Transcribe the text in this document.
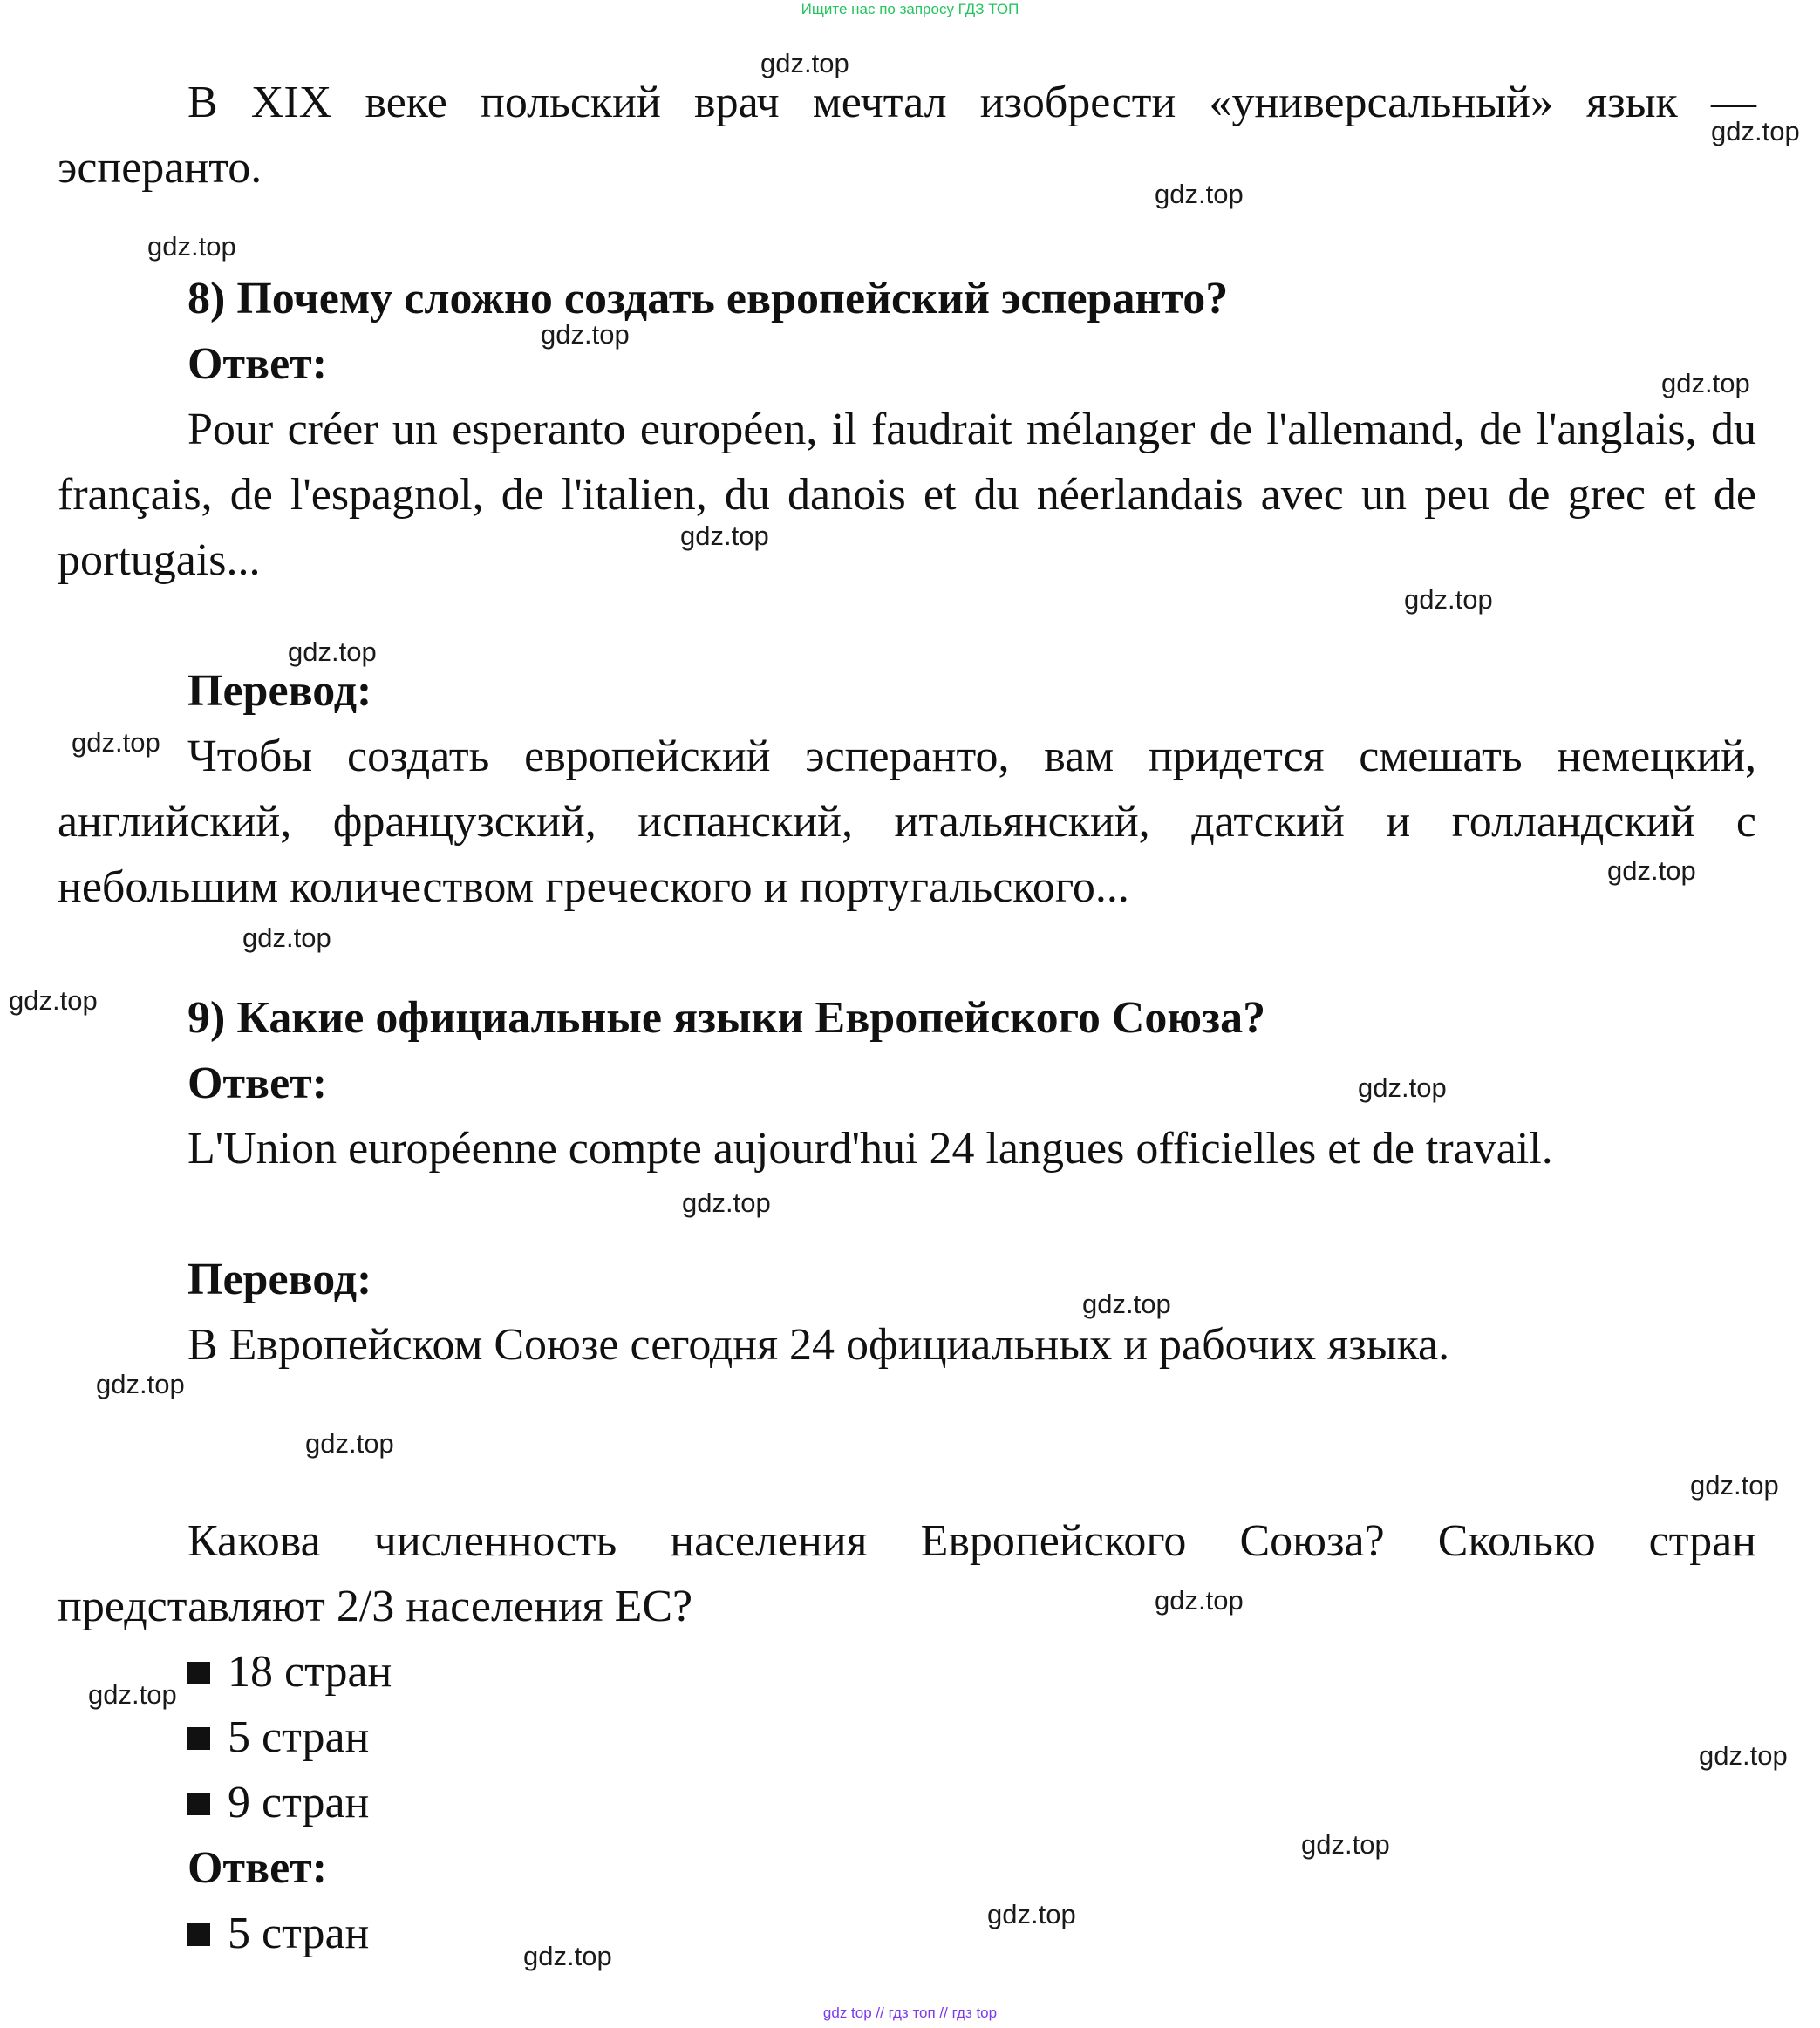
Ищите нас по запросу ГДЗ ТОП

В XIX веке польский врач мечтал изобрести «универсальный» язык — эсперанто.

8) Почему сложно создать европейский эсперанто?

Ответ:

Pour créer un esperanto européen, il faudrait mélanger de l'allemand, de l'anglais, du français, de l'espagnol, de l'italien, du danois et du néerlandais avec un peu de grec et de portugais...

Перевод:

Чтобы создать европейский эсперанто, вам придется смешать немецкий, английский, французский, испанский, итальянский, датский и голландский с небольшим количеством греческого и португальского...

9) Какие официальные языки Европейского Союза?

Ответ:

L'Union européenne compte aujourd'hui 24 langues officielles et de travail.

Перевод:

В Европейском Союзе сегодня 24 официальных и рабочих языка.

Какова численность населения Европейского Союза? Сколько стран представляют 2/3 населения ЕС?

18 стран

5 стран

9 стран

Ответ:

5 стран

gdz.top
gdz.top
gdz.top
gdz.top
gdz.top
gdz.top
gdz.top
gdz.top
gdz.top
gdz.top
gdz.top
gdz.top
gdz.top
gdz.top
gdz.top
gdz.top
gdz.top
gdz.top
gdz.top
gdz.top
gdz.top
gdz.top
gdz.top
gdz.top
gdz.top
gdz top // гдз топ // гдз top
